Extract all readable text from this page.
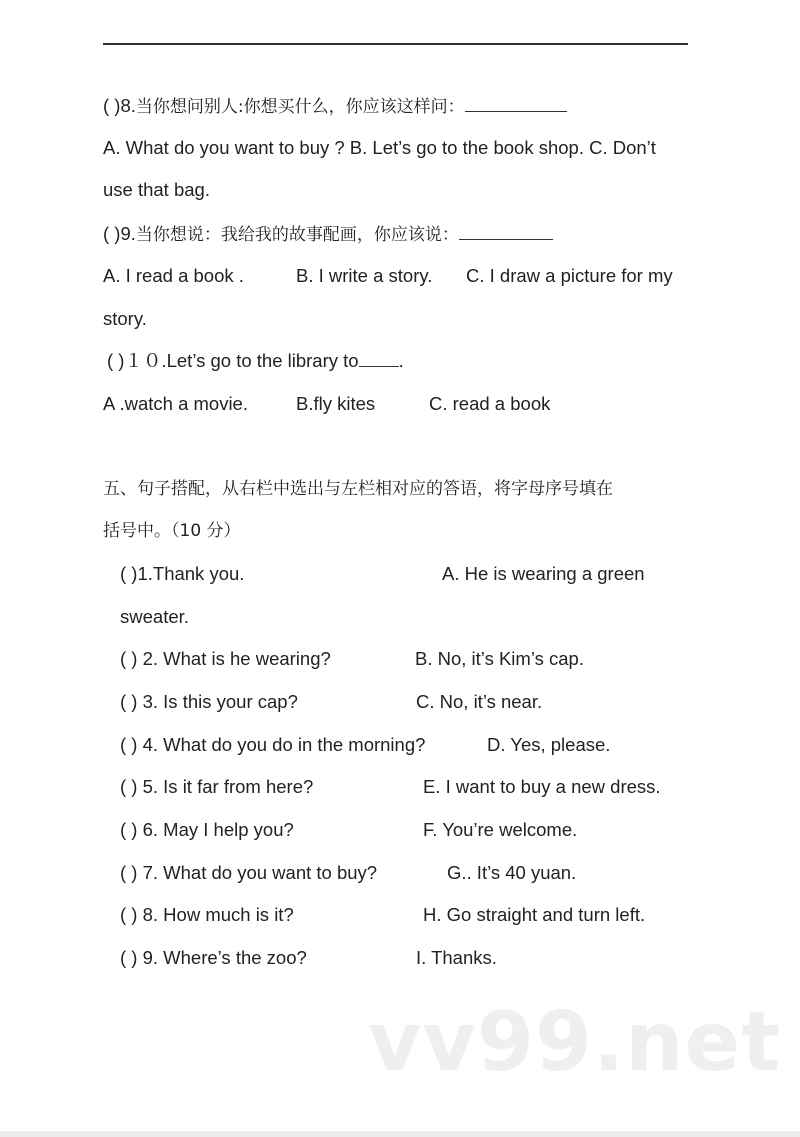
( )8.当你想问别人:你想买什么，你应该这样问：
A. What do you want to buy ? B. Let’s go to the book shop. C. Don’t
use that bag.
( )9.当你想说：我给我的故事配画，你应该说：
A. I read a book .	B. I write a story. C. I draw a picture for my
story.
( )１０.Let’s go to the library to .
A .watch a movie.	B.fly kites	C. read a book
五、句子搭配，从右栏中选出与左栏相对应的答语，将字母序号填在
括号中。（10 分）
( )1.Thank you.	A. He is wearing a green
sweater.
( ) 2. What is he wearing?	B. No, it’s Kim’s cap.
( ) 3. Is this your cap?	C. No, it’s near.
( ) 4. What do you do in the morning?	D. Yes, please.
( ) 5. Is it far from here?	E. I want to buy a new dress.
( ) 6. May I help you?	F. You’re welcome.
( ) 7. What do you want to buy?	G.. It’s 40 yuan.
( ) 8. How much is it?	H. Go straight and turn left.
( ) 9. Where’s the zoo?	I. Thanks.
vv99.net
